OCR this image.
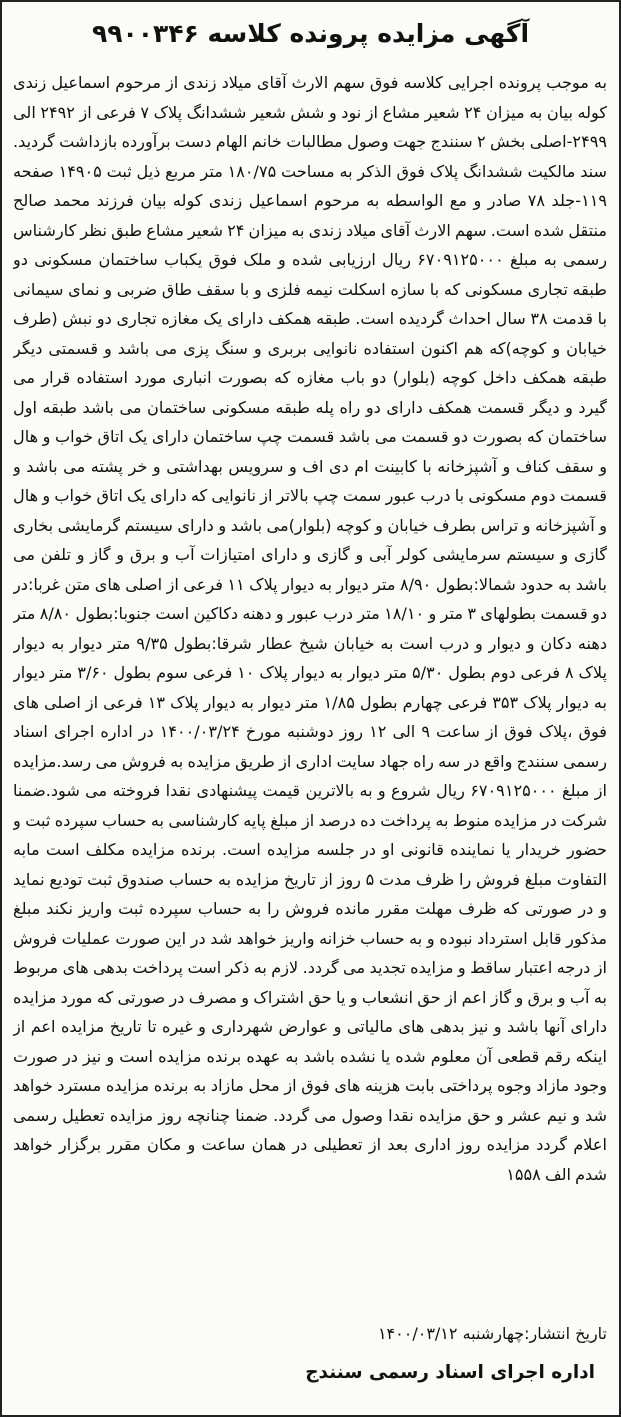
آگهی مزایده پرونده کلاسه ۹۹۰۰۳۴۶
به موجب پرونده اجرایی کلاسه فوق سهم الارث آقای میلاد زندی از مرحوم اسماعیل زندی کوله بیان به میزان ۲۴ شعیر مشاع از نود و شش شعیر ششدانگ پلاک ۷ فرعی از ۲۴۹۲ الی ۲۴۹۹-اصلی بخش ۲ سنندج جهت وصول مطالبات خانم الهام دست برآورده بازداشت گردید. سند مالکیت ششدانگ پلاک فوق الذکر به مساحت ۱۸۰/۷۵ متر مربع ذیل ثبت ۱۴۹۰۵ صفحه ۱۱۹-جلد ۷۸ صادر و مع الواسطه به مرحوم اسماعیل زندی کوله بیان فرزند محمد صالح منتقل شده است. سهم الارث آقای میلاد زندی به میزان ۲۴ شعیر مشاع طبق نظر کارشناس رسمی به مبلغ ۶۷۰۹۱۲۵۰۰۰ ریال ارزیابی شده و ملک فوق یکباب ساختمان مسکونی دو طبقه تجاری مسکونی که با سازه اسکلت نیمه فلزی و با سقف طاق ضربی و نمای سیمانی با قدمت ۳۸ سال احداث گردیده است. طبقه همکف دارای یک مغازه تجاری دو نبش (طرف خیابان و کوچه)که هم اکنون استفاده نانوایی بربری و سنگ پزی می باشد و قسمتی دیگر طبقه همکف داخل کوچه (بلوار) دو باب مغازه که بصورت انباری مورد استفاده قرار می گیرد و دیگر قسمت همکف دارای دو راه پله طبقه مسکونی ساختمان می باشد طبقه اول ساختمان که بصورت دو قسمت می باشد قسمت چپ ساختمان دارای یک اتاق خواب و هال و سقف کناف و آشپزخانه با کابینت ام دی اف و سرویس بهداشتی و خر پشته می باشد و قسمت دوم مسکونی با درب عبور سمت چپ بالاتر از نانوایی که دارای یک اتاق خواب و هال و آشپزخانه و تراس بطرف خیابان و کوچه (بلوار)می باشد و دارای سیستم گرمایشی بخاری گازی و سیستم سرمایشی کولر آبی و گازی و دارای امتیازات آب و برق و گاز و تلفن می باشد به حدود شمالا:بطول ۸/۹۰ متر دیوار به دیوار پلاک ۱۱ فرعی از اصلی های متن غربا:در دو قسمت بطولهای ۳ متر و ۱۸/۱۰ متر درب عبور و دهنه دکاکین است جنوبا:بطول ۸/۸۰ متر دهنه دکان و دیوار و درب است به خیابان شیخ عطار شرقا:بطول ۹/۳۵ متر دیوار به دیوار پلاک ۸ فرعی دوم بطول ۵/۳۰ متر دیوار به دیوار پلاک ۱۰ فرعی سوم بطول ۳/۶۰ متر دیوار به دیوار پلاک ۳۵۳ فرعی چهارم بطول ۱/۸۵ متر دیوار به دیوار پلاک ۱۳ فرعی از اصلی های فوق ،پلاک فوق از ساعت ۹ الی ۱۲ روز دوشنبه مورخ ۱۴۰۰/۰۳/۲۴ در اداره اجرای اسناد رسمی سنندج واقع در سه راه جهاد سایت اداری از طریق مزایده به فروش می رسد.مزایده از مبلغ ۶۷۰۹۱۲۵۰۰۰ ریال شروع و به بالاترین قیمت پیشنهادی نقدا فروخته می شود.ضمنا شرکت در مزایده منوط به پرداخت ده درصد از مبلغ پایه کارشناسی به حساب سپرده ثبت و حضور خریدار یا نماینده قانونی او در جلسه مزایده است. برنده مزایده مکلف است مابه التفاوت مبلغ فروش را ظرف مدت ۵ روز از تاریخ مزایده به حساب صندوق ثبت تودیع نماید و در صورتی که ظرف مهلت مقرر مانده فروش را به حساب سپرده ثبت واریز نکند مبلغ مذکور قابل استرداد نبوده و به حساب خزانه واریز خواهد شد در این صورت عملیات فروش از درجه اعتبار ساقط و مزایده تجدید می گردد. لازم به ذکر است پرداخت بدهی های مربوط به آب و برق و گاز اعم از حق انشعاب و یا حق اشتراک و مصرف در صورتی که مورد مزایده دارای آنها باشد و نیز بدهی های مالیاتی و عوارض شهرداری و غیره تا تاریخ مزایده اعم از اینکه رقم قطعی آن معلوم شده یا نشده باشد به عهده برنده مزایده است و نیز در صورت وجود مازاد وجوه پرداختی بابت هزینه های فوق از محل مازاد به برنده مزایده مسترد خواهد شد و نیم عشر و حق مزایده نقدا وصول می گردد. ضمنا چنانچه روز مزایده تعطیل رسمی اعلام گردد مزایده روز اداری بعد از تعطیلی در همان ساعت و مکان مقرر برگزار خواهد شدم الف ۱۵۵۸
تاریخ انتشار:چهارشنبه ۱۴۰۰/۰۳/۱۲
اداره اجرای اسناد رسمی سنندج
